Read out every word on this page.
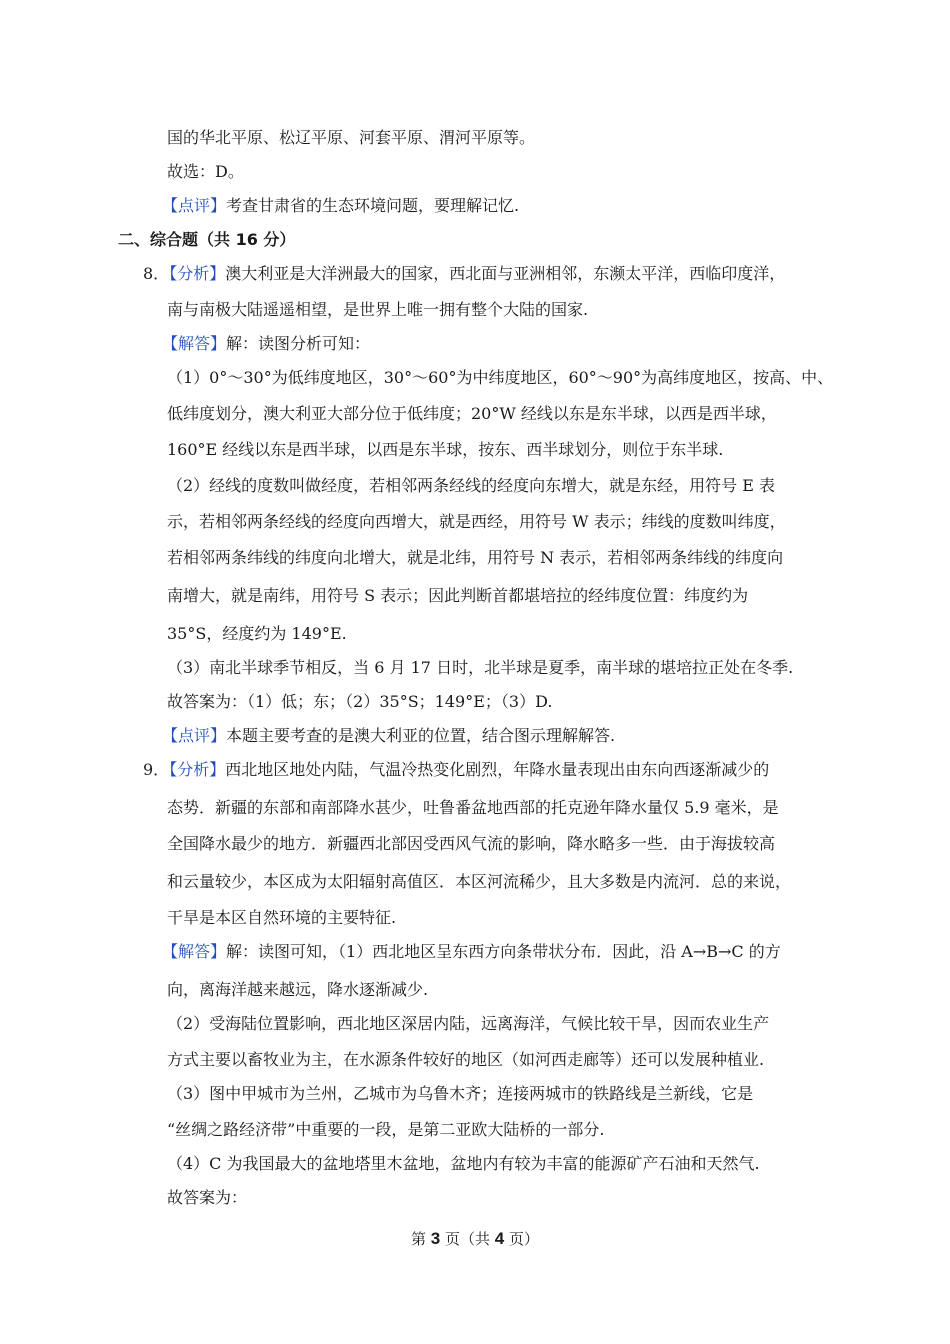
国的华北平原、松辽平原、河套平原、渭河平原等。
故选：D。
【点评】考查甘肃省的生态环境问题，要理解记忆.
二、综合题（共 16 分）
8．【分析】澳大利亚是大洋洲最大的国家，西北面与亚洲相邻，东濒太平洋，西临印度洋，
南与南极大陆遥遥相望，是世界上唯一拥有整个大陆的国家.
【解答】解：读图分析可知：
（1）0°～30°为低纬度地区，30°～60°为中纬度地区，60°～90°为高纬度地区，按高、中、
低纬度划分，澳大利亚大部分位于低纬度；20°W 经线以东是东半球，以西是西半球，
160°E 经线以东是西半球，以西是东半球，按东、西半球划分，则位于东半球.
（2）经线的度数叫做经度，若相邻两条经线的经度向东增大，就是东经，用符号 E 表
示，若相邻两条经线的经度向西增大，就是西经，用符号 W 表示；纬线的度数叫纬度，
若相邻两条纬线的纬度向北增大，就是北纬，用符号 N 表示，若相邻两条纬线的纬度向
南增大，就是南纬，用符号 S 表示；因此判断首都堪培拉的经纬度位置：纬度约为
35°S，经度约为 149°E.
（3）南北半球季节相反，当 6 月 17 日时，北半球是夏季，南半球的堪培拉正处在冬季.
故答案为：（1）低；东；（2）35°S；149°E；（3）D.
【点评】本题主要考查的是澳大利亚的位置，结合图示理解解答.
9．【分析】西北地区地处内陆，气温冷热变化剧烈，年降水量表现出由东向西逐渐减少的
态势．新疆的东部和南部降水甚少，吐鲁番盆地西部的托克逊年降水量仅 5.9 毫米，是
全国降水最少的地方．新疆西北部因受西风气流的影响，降水略多一些．由于海拔较高
和云量较少，本区成为太阳辐射高值区．本区河流稀少，且大多数是内流河．总的来说，
干旱是本区自然环境的主要特征.
【解答】解：读图可知，（1）西北地区呈东西方向条带状分布．因此，沿 A→B→C 的方
向，离海洋越来越远，降水逐渐减少.
（2）受海陆位置影响，西北地区深居内陆，远离海洋，气候比较干旱，因而农业生产
方式主要以畜牧业为主，在水源条件较好的地区（如河西走廊等）还可以发展种植业.
（3）图中甲城市为兰州，乙城市为乌鲁木齐；连接两城市的铁路线是兰新线，它是
“丝绸之路经济带”中重要的一段，是第二亚欧大陆桥的一部分.
（4）C 为我国最大的盆地塔里木盆地，盆地内有较为丰富的能源矿产石油和天然气.
故答案为：
第 3 页（共 4 页）
